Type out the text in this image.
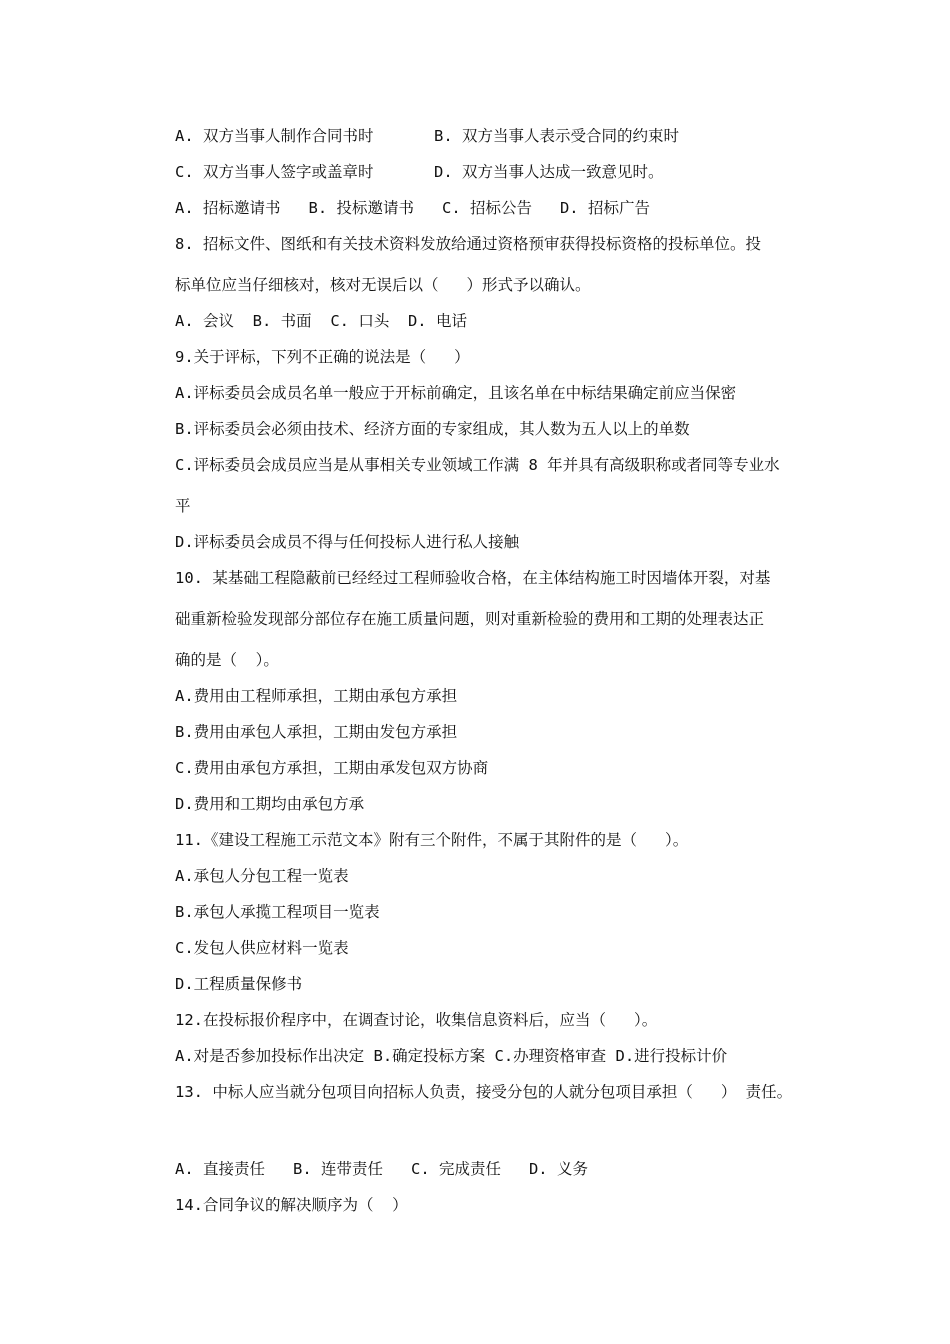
A. 双方当事人制作合同书时	B. 双方当事人表示受合同的约束时
C. 双方当事人签字或盖章时	D. 双方当事人达成一致意见时。
A. 招标邀请书   B. 投标邀请书   C. 招标公告   D. 招标广告
8. 招标文件、图纸和有关技术资料发放给通过资格预审获得投标资格的投标单位。投
标单位应当仔细核对，核对无误后以（   ）形式予以确认。
A. 会议  B. 书面  C. 口头  D. 电话
9.关于评标，下列不正确的说法是（   ）
A.评标委员会成员名单一般应于开标前确定，且该名单在中标结果确定前应当保密
B.评标委员会必须由技术、经济方面的专家组成，其人数为五人以上的单数
C.评标委员会成员应当是从事相关专业领域工作满 8 年并具有高级职称或者同等专业水
平
D.评标委员会成员不得与任何投标人进行私人接触
10. 某基础工程隐蔽前已经经过工程师验收合格，在主体结构施工时因墙体开裂，对基
础重新检验发现部分部位存在施工质量问题，则对重新检验的费用和工期的处理表达正
确的是（  ）。
A.费用由工程师承担，工期由承包方承担
B.费用由承包人承担，工期由发包方承担
C.费用由承包方承担，工期由承发包双方协商
D.费用和工期均由承包方承
11.《建设工程施工示范文本》附有三个附件，不属于其附件的是（   ）。
A.承包人分包工程一览表
B.承包人承揽工程项目一览表
C.发包人供应材料一览表
D.工程质量保修书
12.在投标报价程序中，在调查讨论，收集信息资料后，应当（   ）。
A.对是否参加投标作出决定 B.确定投标方案 C.办理资格审查 D.进行投标计价
13. 中标人应当就分包项目向招标人负责，接受分包的人就分包项目承担（   ） 责任。
A. 直接责任   B. 连带责任   C. 完成责任   D. 义务
14.合同争议的解决顺序为（  ）
